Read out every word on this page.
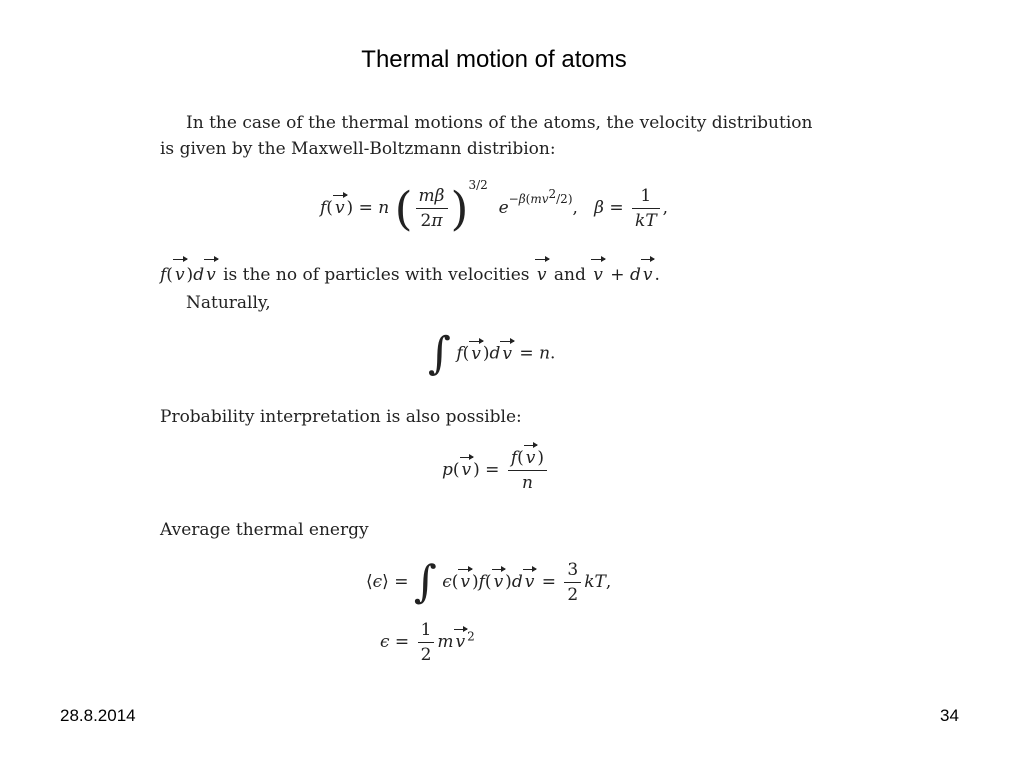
Thermal motion of atoms

In the case of the thermal motions of the atoms, the velocity distribution
is given by the Maxwell-Boltzmann distribion:

f( v ) = n ( $\frac{m\beta}{2\pi} )^{3/2}$  $e^{-\beta(mv^2/2)}$,   $\beta = \frac{1}{kT}$ ,
f( v )d v is the no of particles with velocities v and v + d v .
Naturally,
∫ f( v )d v = n.
Probability interpretation is also possible:
p( v ) = $\frac{f( v )}{n}$
Average thermal energy
⟨ϵ⟩ = ∫ ϵ( v )f( v )d $v = \frac{3}{2}$ kT,
$\epsilon = \frac{1}{2}$ m v $^2$
28.8.2014	34
